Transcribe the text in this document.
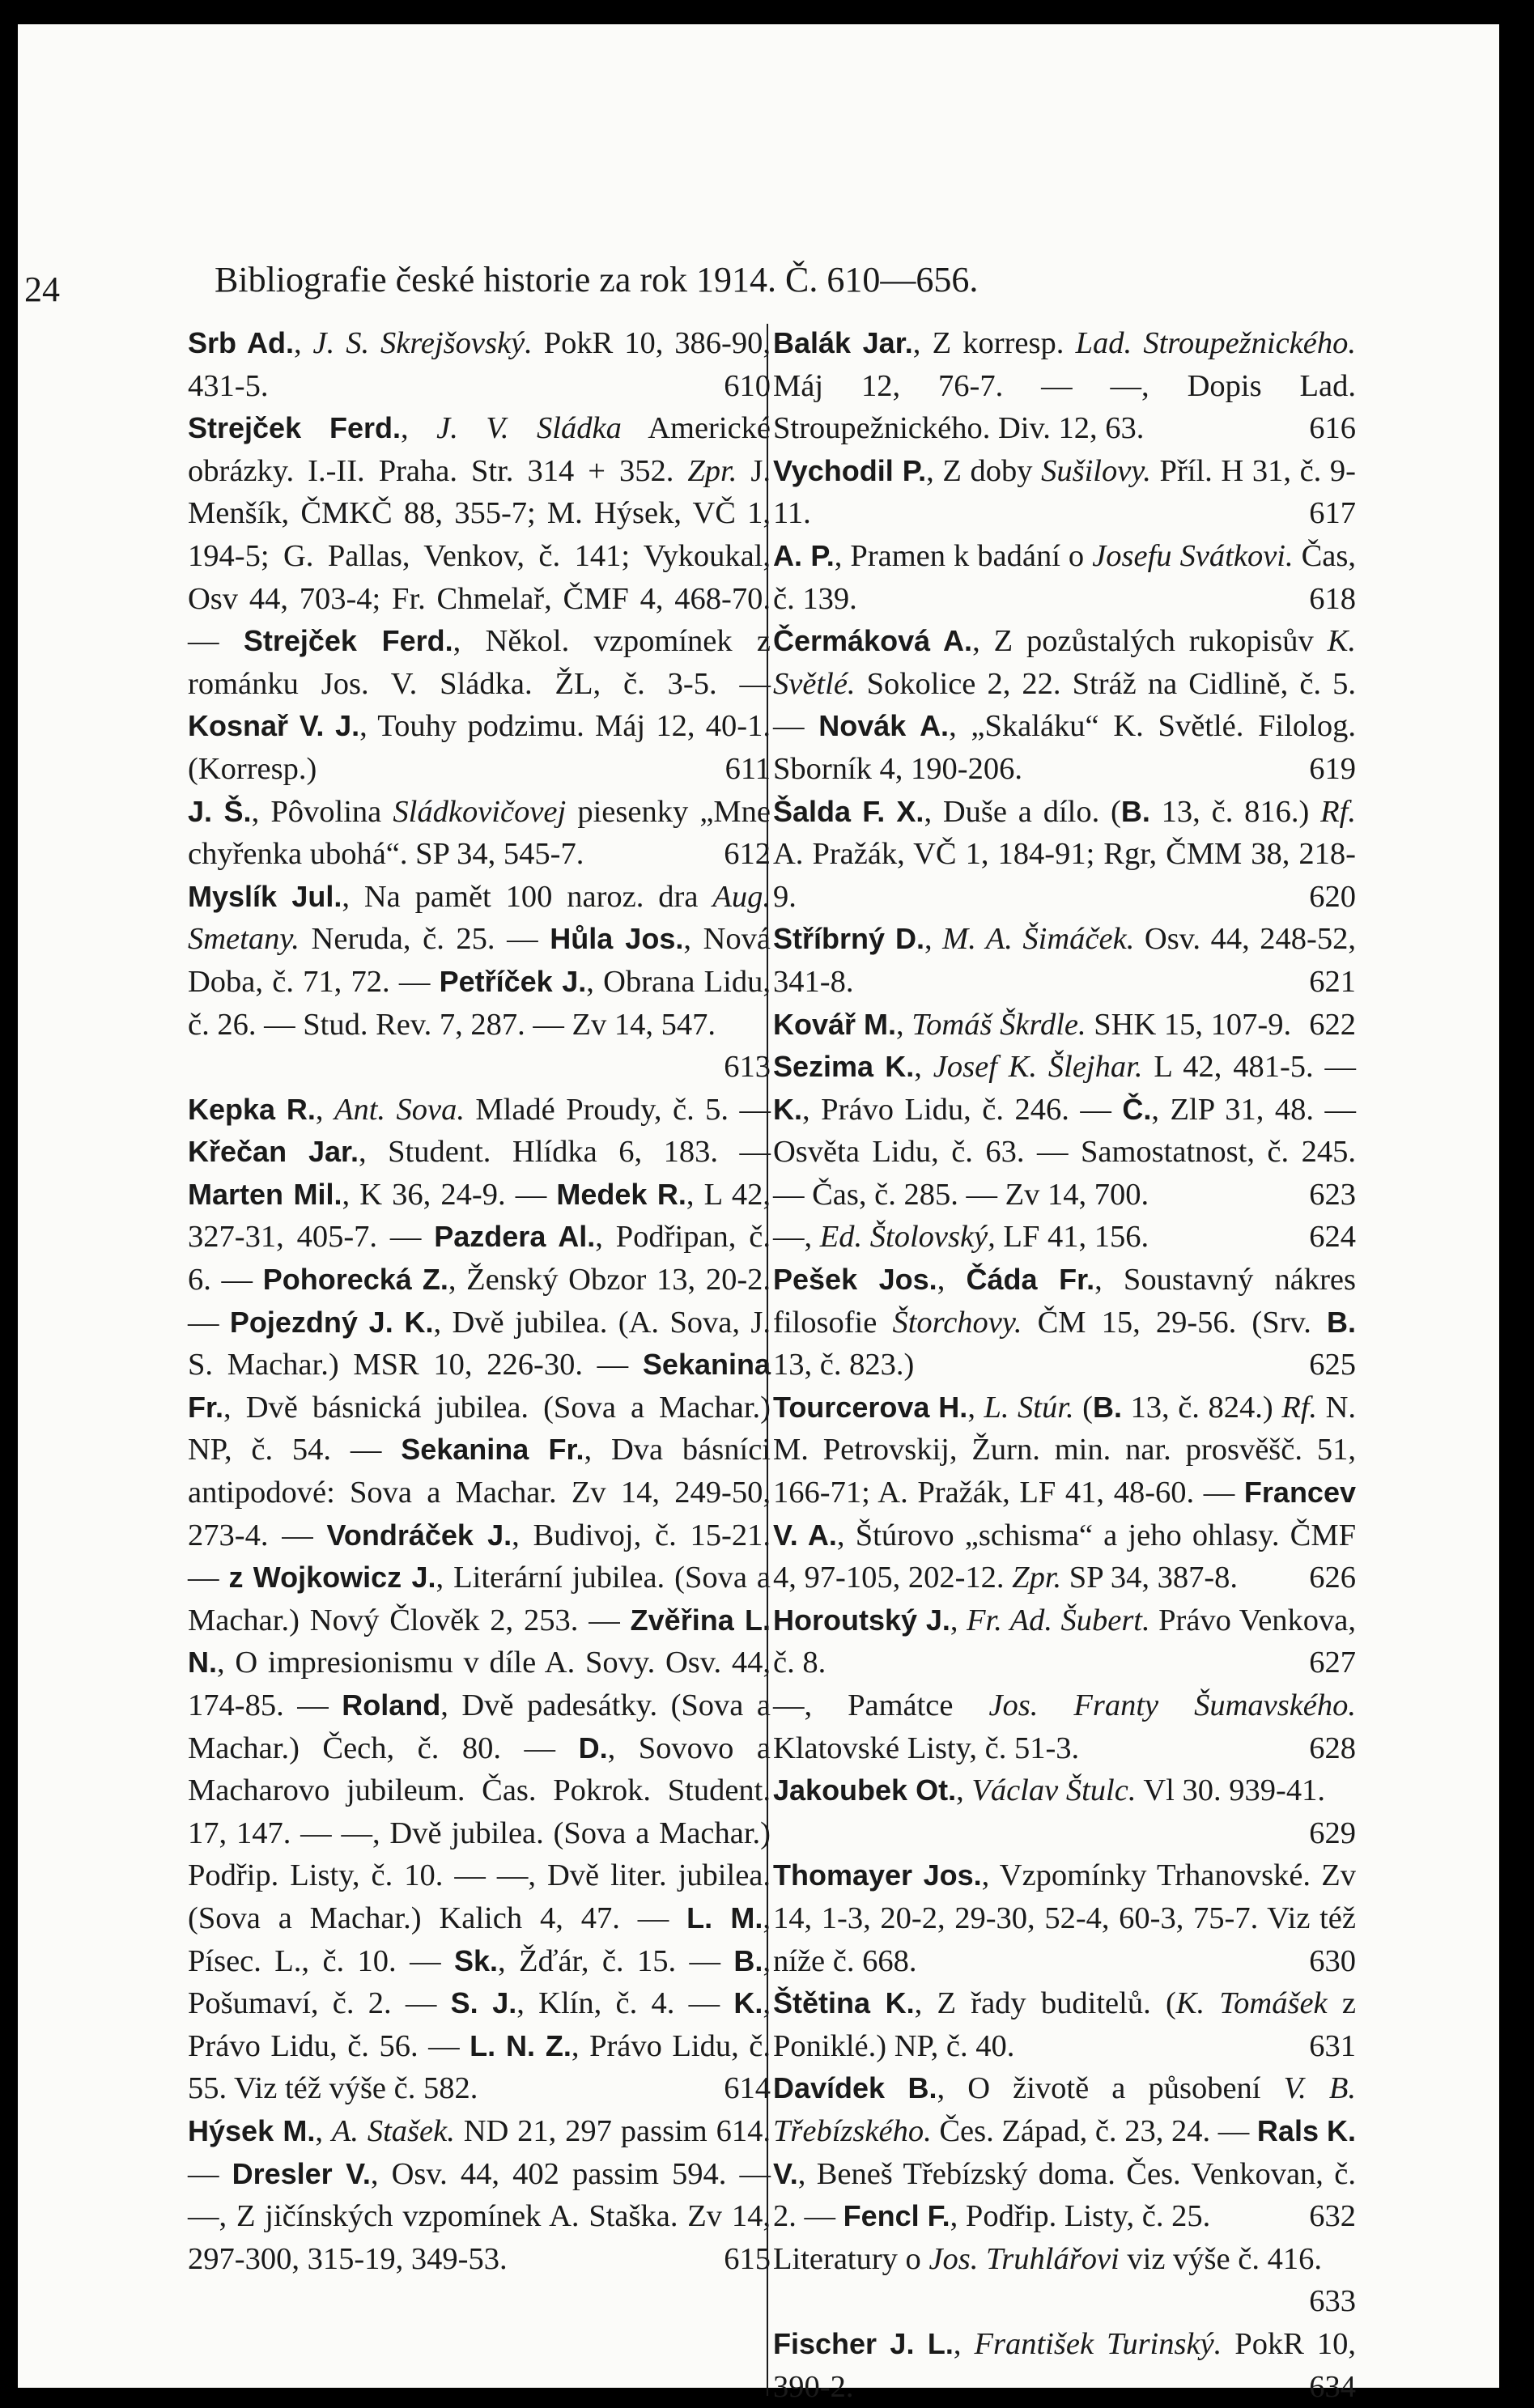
24	Bibliografie české historie za rok 1914. Č. 610—656.

Srb Ad., J. S. Skrejšovský. PokR 10, 386-90, 431-5.	610

Strejček Ferd., J. V. Sládka Americké obrázky. I.-II. Praha. Str. 314 + 352. Zpr. J. Menšík, ČMKČ 88, 355-7; M. Hýsek, VČ 1, 194-5; G. Pallas, Venkov, č. 141; Vykoukal, Osv 44, 703-4; Fr. Chmelař, ČMF 4, 468-70. — Strejček Ferd., Někol. vzpomínek z románku Jos. V. Sládka. ŽL, č. 3-5. — Kosnař V. J., Touhy podzimu. Máj 12, 40-1. (Korresp.)	611

J. Š., Pôvolina Sládkovičovej piesenky „Mne chyřenka ubohá“. SP 34, 545-7.	612

Myslík Jul., Na pamět 100 naroz. dra Aug. Smetany. Neruda, č. 25. — Hůla Jos., Nová Doba, č. 71, 72. — Petříček J., Obrana Lidu, č. 26. — Stud. Rev. 7, 287. — Zv 14, 547.
613

Kepka R., Ant. Sova. Mladé Proudy, č. 5. — Křečan Jar., Student. Hlídka 6, 183. — Marten Mil., K 36, 24-9. — Medek R., L 42, 327-31, 405-7. — Pazdera Al., Podřipan, č. 6. — Pohorecká Z., Ženský Obzor 13, 20-2. — Pojezdný J. K., Dvě jubilea. (A. Sova, J. S. Machar.) MSR 10, 226-30. — Sekanina Fr., Dvě básnická jubilea. (Sova a Machar.) NP, č. 54. — Sekanina Fr., Dva básníci antipodové: Sova a Machar. Zv 14, 249-50, 273-4. — Vondráček J., Budivoj, č. 15-21. — z Wojkowicz J., Literární jubilea. (Sova a Machar.) Nový Člověk 2, 253. — Zvěřina L. N., O impresionismu v díle A. Sovy. Osv. 44, 174-85. — Roland, Dvě padesátky. (Sova a Machar.) Čech, č. 80. — D., Sovovo a Macharovo jubileum. Čas. Pokrok. Student. 17, 147. — —, Dvě jubilea. (Sova a Machar.) Podřip. Listy, č. 10. — —, Dvě liter. jubilea. (Sova a Machar.) Kalich 4, 47. — L. M., Písec. L., č. 10. — Sk., Žďár, č. 15. — B., Pošumaví, č. 2. — S. J., Klín, č. 4. — K., Právo Lidu, č. 56. — L. N. Z., Právo Lidu, č. 55. Viz též výše č. 582.	614

Hýsek M., A. Stašek. ND 21, 297 passim 614. — Dresler V., Osv. 44, 402 passim 594. — —, Z jičínských vzpomínek A. Staška. Zv 14, 297-300, 315-19, 349-53.	615

Balák Jar., Z korresp. Lad. Stroupežnického. Máj 12, 76-7. — —, Dopis Lad. Stroupežnického. Div. 12, 63.	616

Vychodil P., Z doby Sušilovy. Příl. H 31, č. 9-11.	617

A. P., Pramen k badání o Josefu Svátkovi. Čas, č. 139.	618

Čermáková A., Z pozůstalých rukopisův K. Světlé. Sokolice 2, 22. Stráž na Cidlině, č. 5. — Novák A., „Skaláku“ K. Světlé. Filolog. Sborník 4, 190-206.	619

Šalda F. X., Duše a dílo. (B. 13, č. 816.) Rf. A. Pražák, VČ 1, 184-91; Rgr, ČMM 38, 218-9.	620

Stříbrný D., M. A. Šimáček. Osv. 44, 248-52, 341-8.	621

Kovář M., Tomáš Škrdle. SHK 15, 107-9. 622

Sezima K., Josef K. Šlejhar. L 42, 481-5. — K., Právo Lidu, č. 246. — Č., ZlP 31, 48. — Osvěta Lidu, č. 63. — Samostatnost, č. 245. — Čas, č. 285. — Zv 14, 700.	623

—, Ed. Štolovský, LF 41, 156.	624

Pešek Jos., Čáda Fr., Soustavný nákres filosofie Štorchovy. ČM 15, 29-56. (Srv. B. 13, č. 823.)	625

Tourcerova H., L. Stúr. (B. 13, č. 824.) Rf. N. M. Petrovskij, Žurn. min. nar. prosvěšč. 51, 166-71; A. Pražák, LF 41, 48-60. — Francev V. A., Štúrovo „schisma“ a jeho ohlasy. ČMF 4, 97-105, 202-12. Zpr. SP 34, 387-8. 626

Horoutský J., Fr. Ad. Šubert. Právo Venkova, č. 8.	627

—, Památce Jos. Franty Šumavského. Klatovské Listy, č. 51-3.	628

Jakoubek Ot., Václav Štulc. Vl 30. 939-41.
629

Thomayer Jos., Vzpomínky Trhanovské. Zv 14, 1-3, 20-2, 29-30, 52-4, 60-3, 75-7. Viz též níže č. 668.	630

Štětina K., Z řady buditelů. (K. Tomášek z Poniklé.) NP, č. 40.	631

Davídek B., O životě a působení V. B. Třebízského. Čes. Západ, č. 23, 24. — Rals K. V., Beneš Třebízský doma. Čes. Venkovan, č. 2. — Fencl F., Podřip. Listy, č. 25.	632

Literatury o Jos. Truhlářovi viz výše č. 416.
633

Fischer J. L., František Turinský. PokR 10, 390-2.	634
